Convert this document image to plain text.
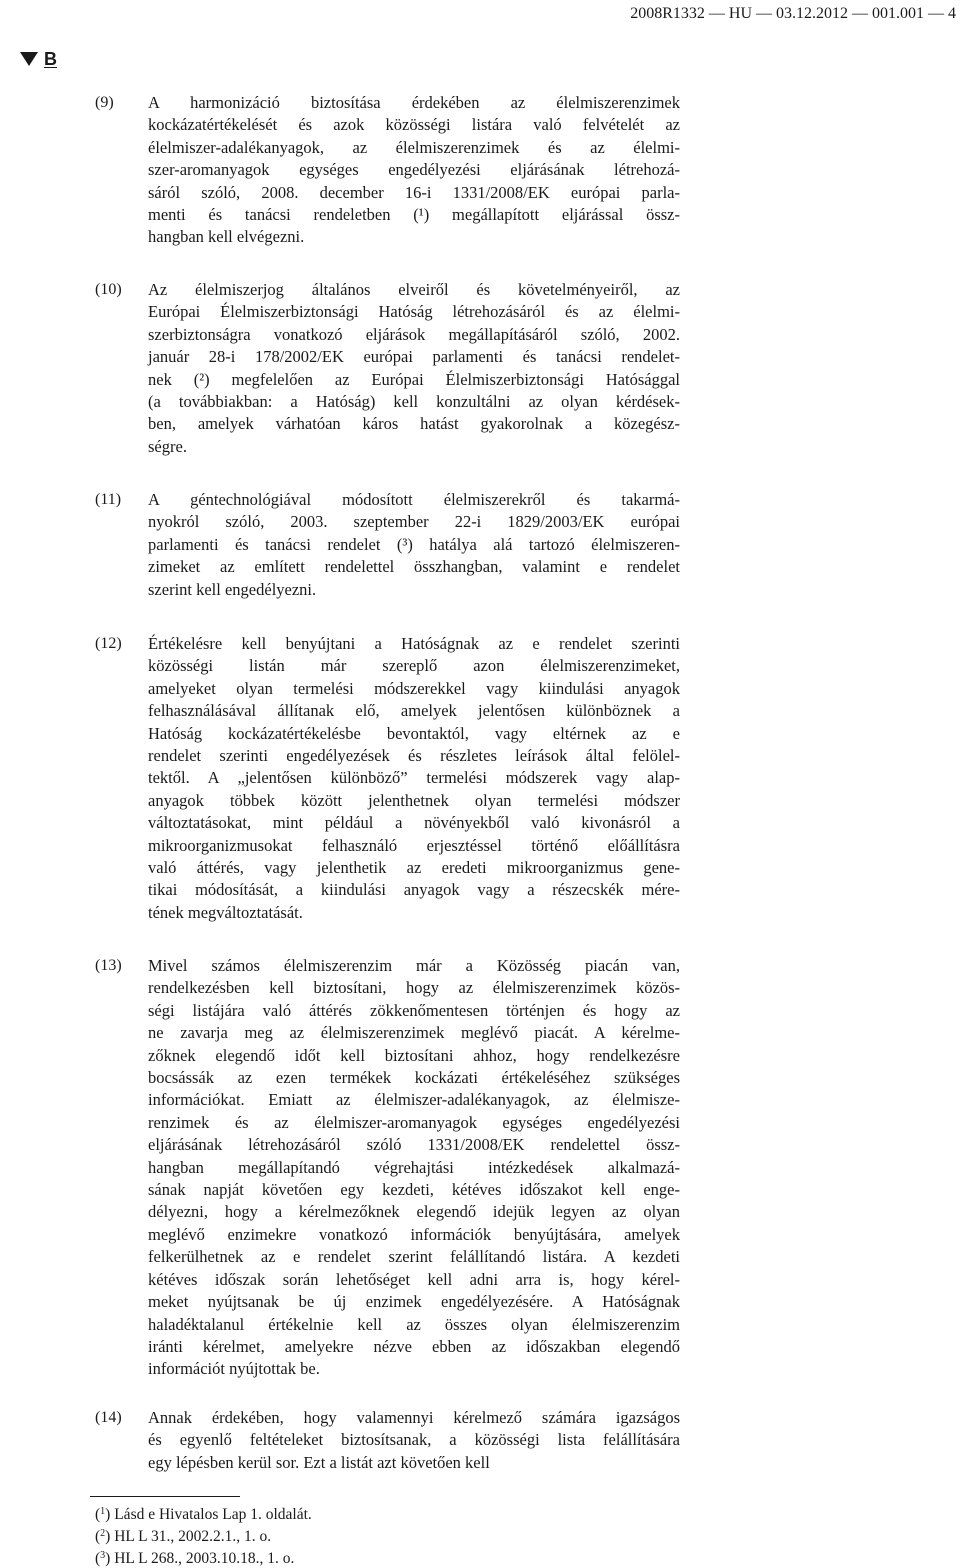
2008R1332 — HU — 03.12.2012 — 001.001 — 4
B
(9)	A harmonizáció biztosítása érdekében az élelmiszerenzimek
kockázatértékelését és azok közösségi listára való felvételét az
élelmiszer-adalékanyagok, az élelmiszerenzimek és az élelmi-
szer-aromanyagok egységes engedélyezési eljárásának létrehozá-
sáról szóló, 2008. december 16-i 1331/2008/EK európai parla-
menti és tanácsi rendeletben (¹) megállapított eljárással össz-
hangban kell elvégezni.
(10)	Az élelmiszerjog általános elveiről és követelményeiről, az
Európai Élelmiszerbiztonsági Hatóság létrehozásáról és az élelmi-
szerbiztonságra vonatkozó eljárások megállapításáról szóló, 2002.
január 28-i 178/2002/EK európai parlamenti és tanácsi rendelet-
nek (²) megfelelően az Európai Élelmiszerbiztonsági Hatósággal
(a továbbiakban: a Hatóság) kell konzultálni az olyan kérdések-
ben, amelyek várhatóan káros hatást gyakorolnak a közegész-
ségre.
(11)	A géntechnológiával módosított élelmiszerekről és takarmá-
nyokról szóló, 2003. szeptember 22-i 1829/2003/EK európai
parlamenti és tanácsi rendelet (³) hatálya alá tartozó élelmiszeren-
zimeket az említett rendelettel összhangban, valamint e rendelet
szerint kell engedélyezni.
(12)	Értékelésre kell benyújtani a Hatóságnak az e rendelet szerinti
közösségi listán már szereplő azon élelmiszerenzimeket,
amelyeket olyan termelési módszerekkel vagy kiindulási anyagok
felhasználásával állítanak elő, amelyek jelentősen különböznek a
Hatóság kockázatértékelésbe bevontaktól, vagy eltérnek az e
rendelet szerinti engedélyezések és részletes leírások által felölel-
tektől. A „jelentősen különböző” termelési módszerek vagy alap-
anyagok többek között jelenthetnek olyan termelési módszer
változtatásokat, mint például a növényekből való kivonásról a
mikroorganizmusokat felhasználó erjesztéssel történő előállításra
való áttérés, vagy jelenthetik az eredeti mikroorganizmus gene-
tikai módosítását, a kiindulási anyagok vagy a részecskék mére-
tének megváltoztatását.
(13)	Mivel számos élelmiszerenzim már a Közösség piacán van,
rendelkezésben kell biztosítani, hogy az élelmiszerenzimek közös-
ségi listájára való áttérés zökkenőmentesen történjen és hogy az
ne zavarja meg az élelmiszerenzimek meglévő piacát. A kérelme-
zőknek elegendő időt kell biztosítani ahhoz, hogy rendelkezésre
bocsássák az ezen termékek kockázati értékeléséhez szükséges
információkat. Emiatt az élelmiszer-adalékanyagok, az élelmisze-
renzimek és az élelmiszer-aromanyagok egységes engedélyezési
eljárásának létrehozásáról szóló 1331/2008/EK rendelettel össz-
hangban megállapítandó végrehajtási intézkedések alkalmazá-
sának napját követően egy kezdeti, kétéves időszakot kell enge-
délyezni, hogy a kérelmezőknek elegendő idejük legyen az olyan
meglévő enzimekre vonatkozó információk benyújtására, amelyek
felkerülhetnek az e rendelet szerint felállítandó listára. A kezdeti
kétéves időszak során lehetőséget kell adni arra is, hogy kérel-
meket nyújtsanak be új enzimek engedélyezésére. A Hatóságnak
haladéktalanul értékelnie kell az összes olyan élelmiszerenzim
iránti kérelmet, amelyekre nézve ebben az időszakban elegendő
információt nyújtottak be.
(14)	Annak érdekében, hogy valamennyi kérelmező számára igazságos
és egyenlő feltételeket biztosítsanak, a közösségi lista felállítására
egy lépésben kerül sor. Ezt a listát azt követően kell
($^1$) Lásd e Hivatalos Lap 1. oldalát.
($^2$) HL L 31., 2002.2.1., 1. o.
($^3$) HL L 268., 2003.10.18., 1. o.
